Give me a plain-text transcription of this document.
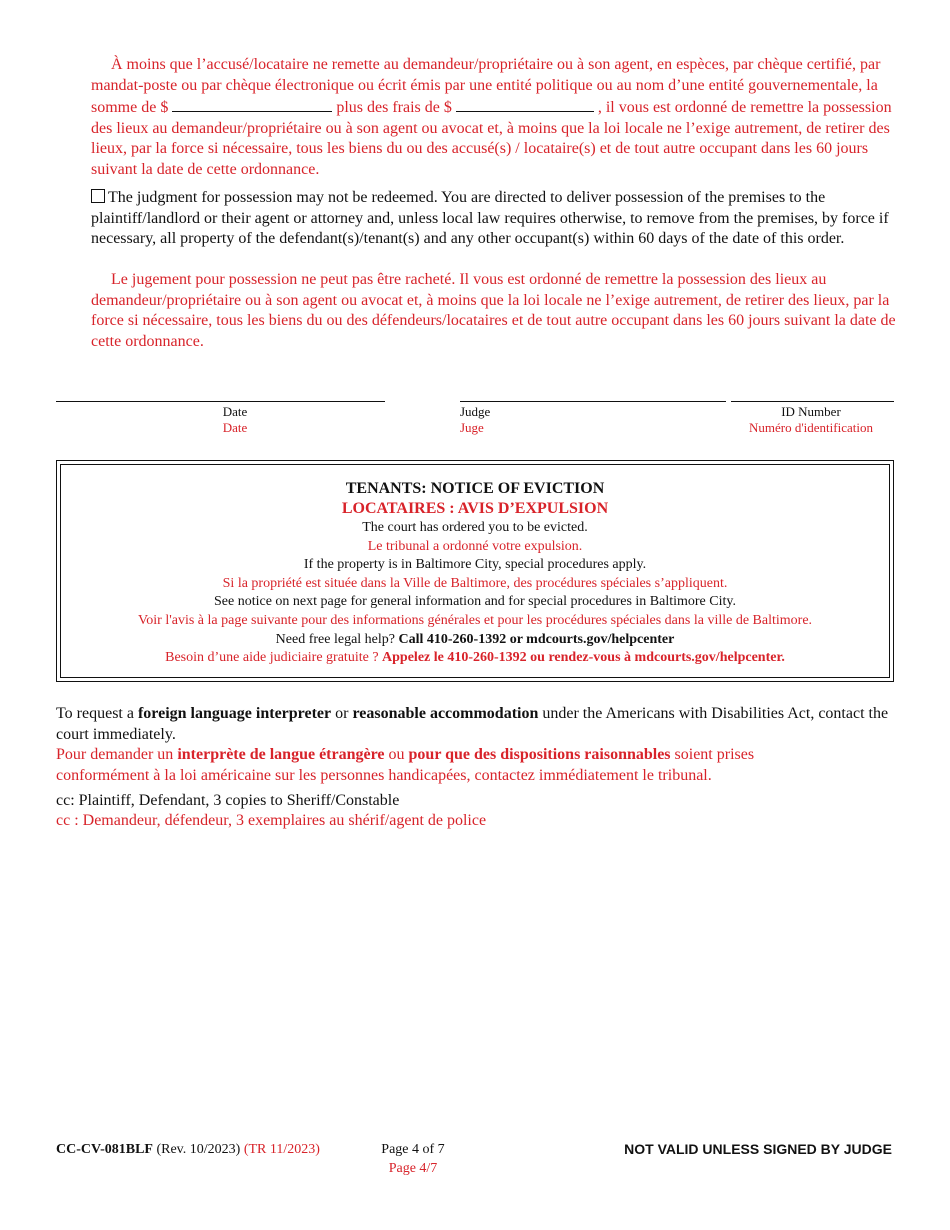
À moins que l’accusé/locataire ne remette au demandeur/propriétaire ou à son agent, en espèces, par chèque certifié, par mandat-poste ou par chèque électronique ou écrit émis par une entité politique ou au nom d’une entité gouvernementale, la somme de $	plus des frais de $	, il vous est ordonné de remettre la possession des lieux au demandeur/propriétaire ou à son agent ou avocat et, à moins que la loi locale ne l’exige autrement, de retirer des lieux, par la force si nécessaire, tous les biens du ou des accusé(s) / locataire(s) et de tout autre occupant dans les 60 jours suivant la date de cette ordonnance.
The judgment for possession may not be redeemed. You are directed to deliver possession of the premises to the plaintiff/landlord or their agent or attorney and, unless local law requires otherwise, to remove from the premises, by force if necessary, all property of the defendant(s)/tenant(s) and any other occupant(s) within 60 days of the date of this order.
Le jugement pour possession ne peut pas être racheté. Il vous est ordonné de remettre la possession des lieux au demandeur/propriétaire ou à son agent ou avocat et, à moins que la loi locale ne l’exige autrement, de retirer des lieux, par la force si nécessaire, tous les biens du ou des défendeurs/locataires et de tout autre occupant dans les 60 jours suivant la date de cette ordonnance.
Date
Date
Judge
Juge
ID Number
Numéro d'identification
TENANTS: NOTICE OF EVICTION
LOCATAIRES : AVIS D’EXPULSION
The court has ordered you to be evicted.
Le tribunal a ordonné votre expulsion.
If the property is in Baltimore City, special procedures apply.
Si la propriété est située dans la Ville de Baltimore, des procédures spéciales s’appliquent.
See notice on next page for general information and for special procedures in Baltimore City.
Voir l'avis à la page suivante pour des informations générales et pour les procédures spéciales dans la ville de Baltimore.
Need free legal help? Call 410-260-1392 or mdcourts.gov/helpcenter
Besoin d’une aide judiciaire gratuite ? Appelez le 410-260-1392 ou rendez-vous à mdcourts.gov/helpcenter.
To request a foreign language interpreter or reasonable accommodation under the Americans with Disabilities Act, contact the court immediately.
Pour demander un interprète de langue étrangère ou pour que des dispositions raisonnables soient prises conformément à la loi américaine sur les personnes handicapées, contactez immédiatement le tribunal.
cc: Plaintiff, Defendant, 3 copies to Sheriff/Constable
cc : Demandeur, défendeur, 3 exemplaires au shérif/agent de police
CC-CV-081BLF (Rev. 10/2023) (TR 11/2023)	Page 4 of 7
Page 4/7
NOT VALID UNLESS SIGNED BY JUDGE
